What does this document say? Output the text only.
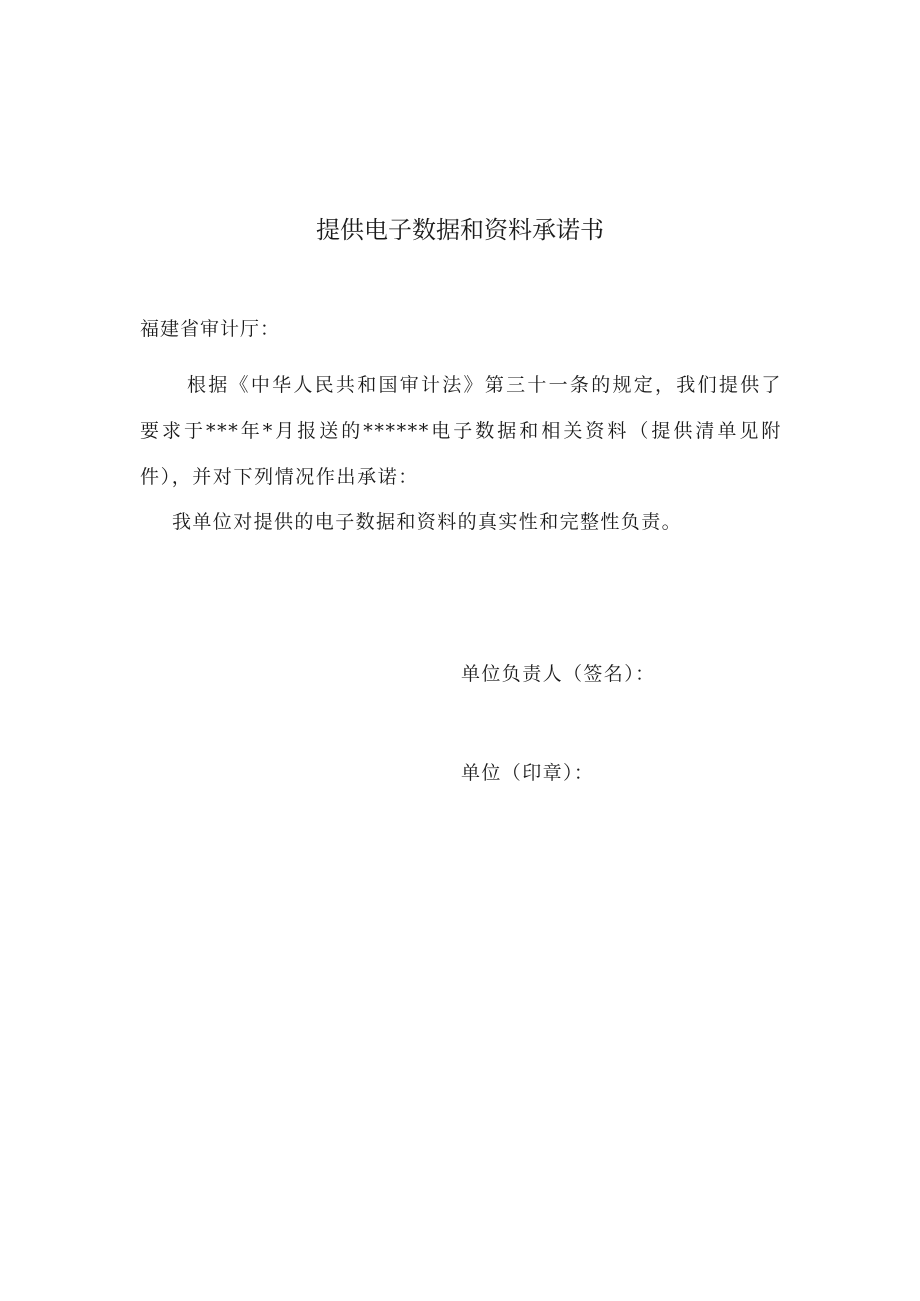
提供电子数据和资料承诺书
福建省审计厅：

根据《中华人民共和国审计法》第三十一条的规定，我们提供了要求于***年*月报送的******电子数据和相关资料（提供清单见附件），并对下列情况作出承诺：

我单位对提供的电子数据和资料的真实性和完整性负责。

单位负责人（签名）：
单位（印章）：
